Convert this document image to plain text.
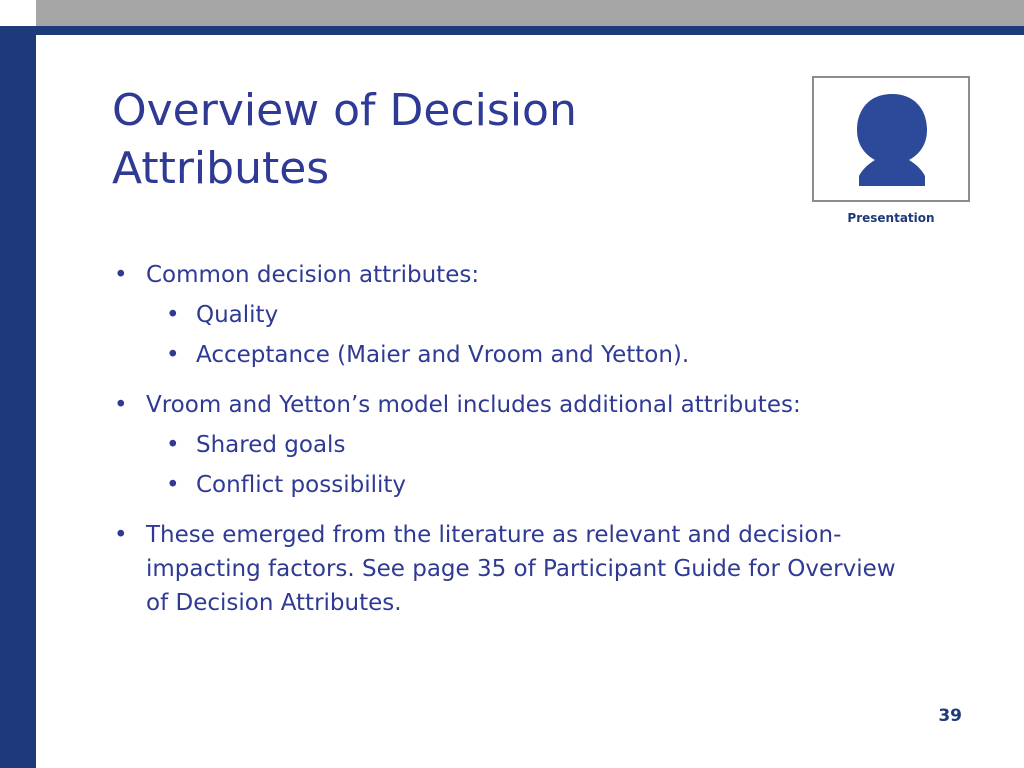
Overview of Decision Attributes
Presentation
• Common decision attributes:
• Quality
• Acceptance (Maier and Vroom and Yetton).
• Vroom and Yetton’s model includes additional attributes:
• Shared goals
• Conflict possibility
• These emerged from the literature as relevant and decision-impacting factors. See page 35 of Participant Guide for Overview of Decision Attributes.
39
